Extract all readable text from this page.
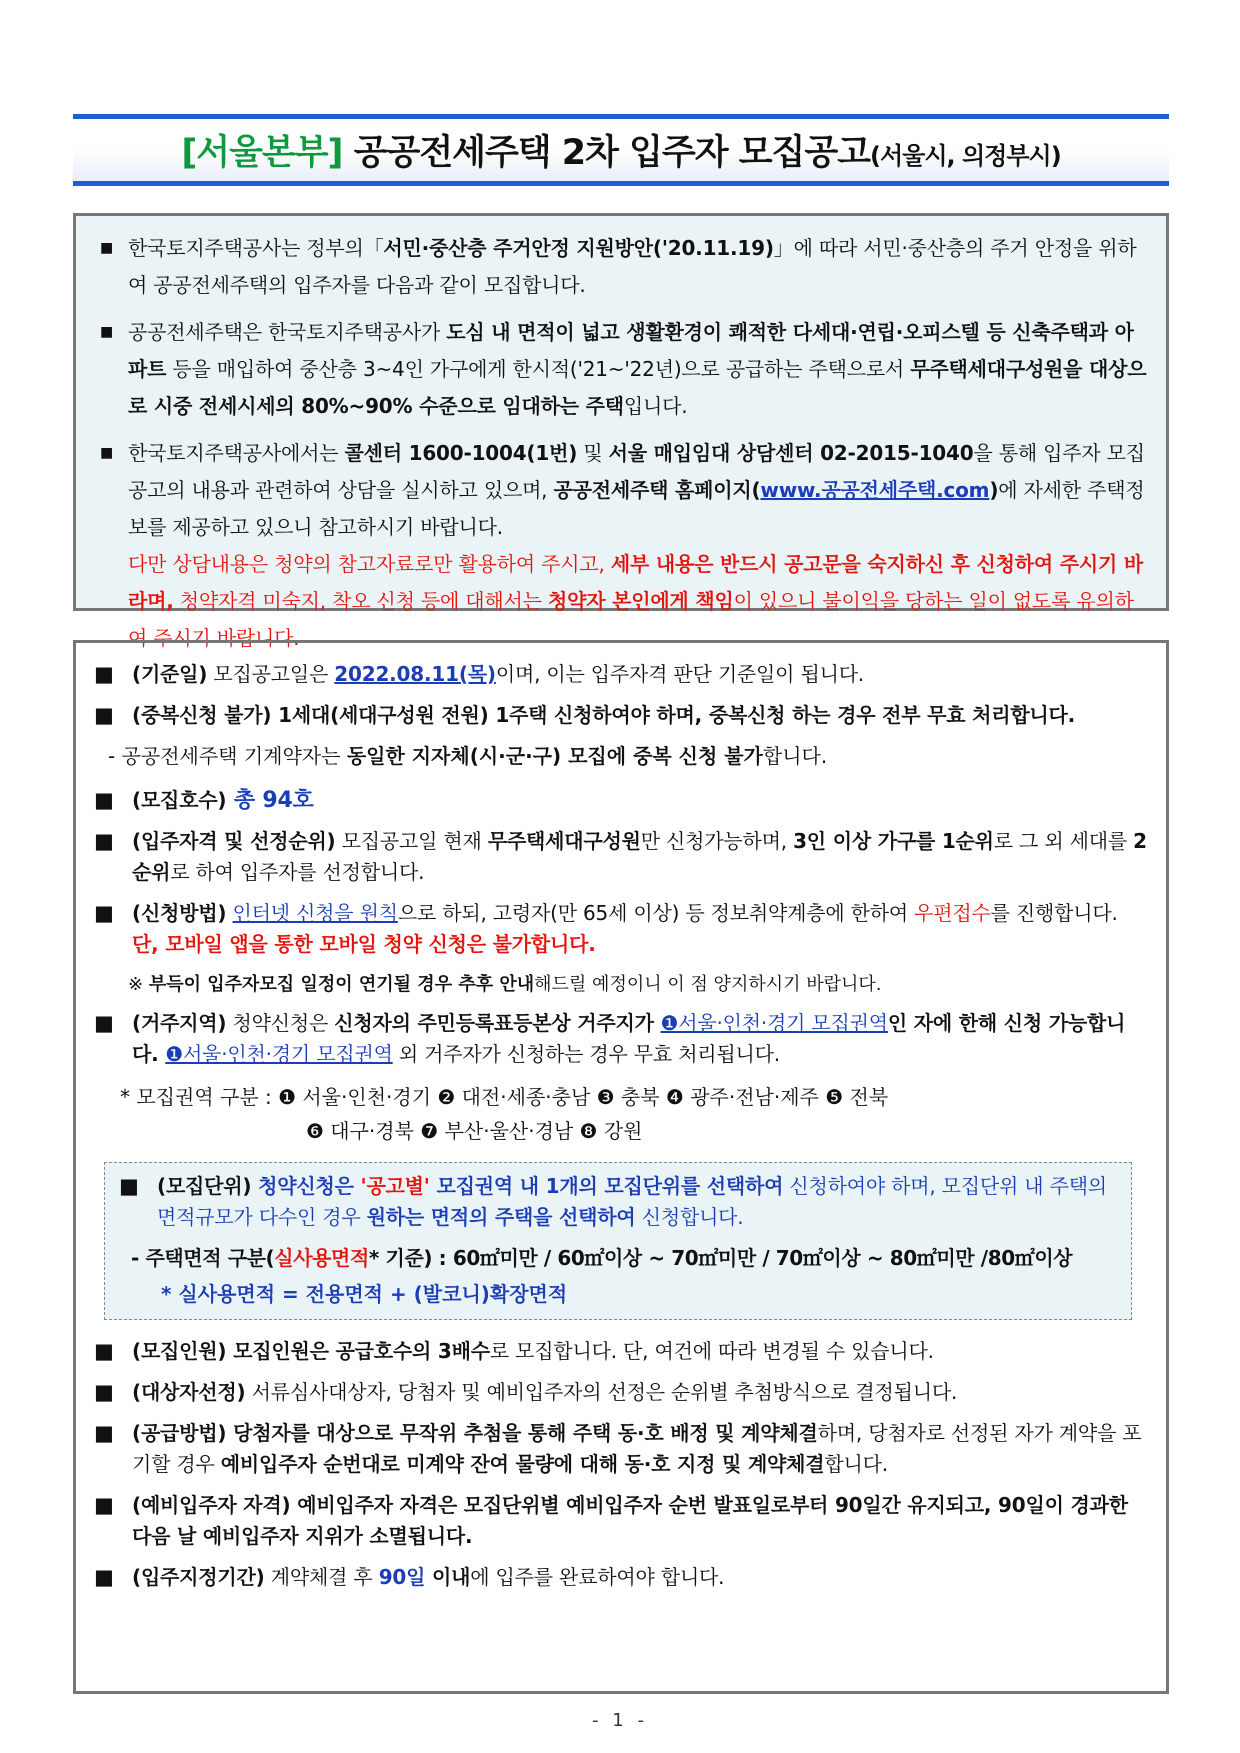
[서울본부] 공공전세주택 2차 입주자 모집공고(서울시, 의정부시)

■ 한국토지주택공사는 정부의「서민·중산층 주거안정 지원방안('20.11.19)」에 따라 서민·중산층의 주거 안정을 위하여 공공전세주택의 입주자를 다음과 같이 모집합니다.

■ 공공전세주택은 한국토지주택공사가 도심 내 면적이 넓고 생활환경이 쾌적한 다세대·연립·오피스텔 등 신축주택과 아파트 등을 매입하여 중산층 3~4인 가구에게 한시적('21~'22년)으로 공급하는 주택으로서 무주택세대구성원을 대상으로 시중 전세시세의 80%~90% 수준으로 임대하는 주택입니다.

■ 한국토지주택공사에서는 콜센터 1600-1004(1번) 및 서울 매입임대 상담센터 02-2015-1040을 통해 입주자 모집공고의 내용과 관련하여 상담을 실시하고 있으며, 공공전세주택 홈페이지(www.공공전세주택.com)에 자세한 주택정보를 제공하고 있으니 참고하시기 바랍니다.
다만 상담내용은 청약의 참고자료로만 활용하여 주시고, 세부 내용은 반드시 공고문을 숙지하신 후 신청하여 주시기 바라며, 청약자격 미숙지, 착오 신청 등에 대해서는 청약자 본인에게 책임이 있으니 불이익을 당하는 일이 없도록 유의하여 주시기 바랍니다.

■ (기준일) 모집공고일은 2022.08.11(목)이며, 이는 입주자격 판단 기준일이 됩니다.
■ (중복신청 불가) 1세대(세대구성원 전원) 1주택 신청하여야 하며, 중복신청 하는 경우 전부 무효 처리합니다.
- 공공전세주택 기계약자는 동일한 지자체(시·군·구) 모집에 중복 신청 불가합니다.
■ (모집호수) 총 94호
■ (입주자격 및 선정순위) 모집공고일 현재 무주택세대구성원만 신청가능하며, 3인 이상 가구를 1순위로 그 외 세대를 2순위로 하여 입주자를 선정합니다.
■ (신청방법) 인터넷 신청을 원칙으로 하되, 고령자(만 65세 이상) 등 정보취약계층에 한하여 우편접수를 진행합니다. 단, 모바일 앱을 통한 모바일 청약 신청은 불가합니다.
※ 부득이 입주자모집 일정이 연기될 경우 추후 안내해드릴 예정이니 이 점 양지하시기 바랍니다.
■ (거주지역) 청약신청은 신청자의 주민등록표등본상 거주지가 ❶서울·인천·경기 모집권역인 자에 한해 신청 가능합니다. ❶서울·인천·경기 모집권역 외 거주자가 신청하는 경우 무효 처리됩니다.
* 모집권역 구분 : ❶ 서울·인천·경기 ❷ 대전·세종·충남 ❸ 충북 ❹ 광주·전남·제주 ❺ 전북
❻ 대구·경북 ❼ 부산·울산·경남 ❽ 강원
■ (모집단위) 청약신청은 '공고별' 모집권역 내 1개의 모집단위를 선택하여 신청하여야 하며, 모집단위 내 주택의 면적규모가 다수인 경우 원하는 면적의 주택을 선택하여 신청합니다.
- 주택면적 구분(실사용면적* 기준) : 60㎡미만 / 60㎡이상 ~ 70㎡미만 / 70㎡이상 ~ 80㎡미만 /80㎡이상
* 실사용면적 = 전용면적 + (발코니)확장면적
■ (모집인원) 모집인원은 공급호수의 3배수로 모집합니다. 단, 여건에 따라 변경될 수 있습니다.
■ (대상자선정) 서류심사대상자, 당첨자 및 예비입주자의 선정은 순위별 추첨방식으로 결정됩니다.
■ (공급방법) 당첨자를 대상으로 무작위 추첨을 통해 주택 동·호 배정 및 계약체결하며, 당첨자로 선정된 자가 계약을 포기할 경우 예비입주자 순번대로 미계약 잔여 물량에 대해 동·호 지정 및 계약체결합니다.
■ (예비입주자 자격) 예비입주자 자격은 모집단위별 예비입주자 순번 발표일로부터 90일간 유지되고, 90일이 경과한 다음 날 예비입주자 지위가 소멸됩니다.
■ (입주지정기간) 계약체결 후 90일 이내에 입주를 완료하여야 합니다.
- 1 -
